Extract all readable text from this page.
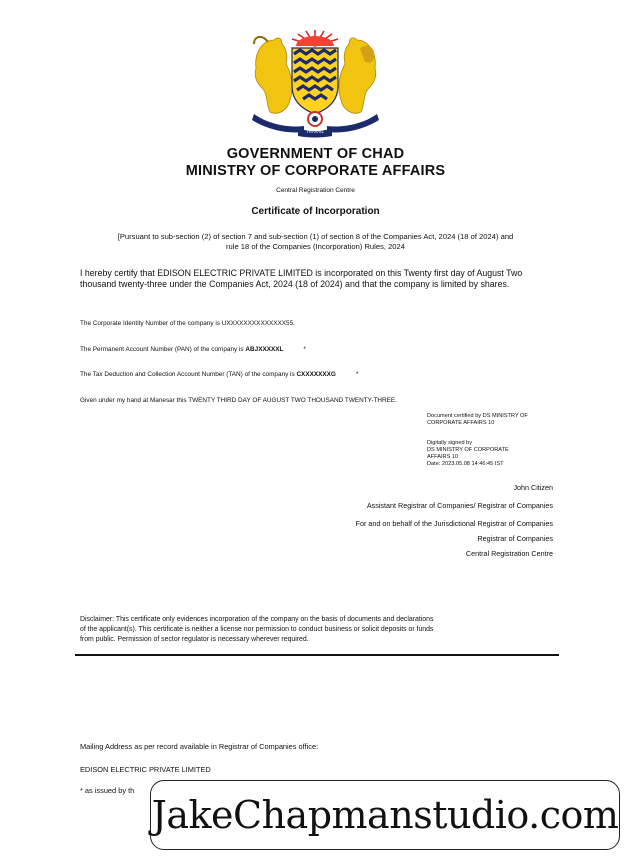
UNITÉ
TRAVAIL
PROGRÈS
GOVERNMENT OF CHAD
MINISTRY OF CORPORATE AFFAIRS
Central Registration Centre
Certificate of Incorporation
[Pursuant to sub-section (2) of section 7 and sub-section (1) of section 8 of the Companies Act, 2024 (18 of 2024) and
rule 18 of the Companies (Incorporation) Rules, 2024
I hereby certify that EDISON ELECTRIC PRIVATE LIMITED is incorporated on this Twenty first day of August Two thousand twenty-three under the Companies Act, 2024 (18 of 2024) and that the company is limited by shares.
The Corporate Identity Number of the company is UXXXXXXXXXXXXXX55.
The Permanent Account Number (PAN) of the company is ABJXXXXXL	*
The Tax Deduction and Collection Account Number (TAN) of the company is CXXXXXXXG	*
Given under my hand at Manesar this TWENTY THIRD DAY OF AUGUST TWO THOUSAND TWENTY-THREE.
Document certified by DS MINISTRY OF
CORPORATE AFFAIRS 10
Digitally signed by
DS MINISTRY OF CORPORATE
AFFAIRS 10
Date: 2023.05.08 14:46:45 IST
John Citizen
Assistant Registrar of Companies/ Registrar of Companies
For and on behalf of the Jurisdictional Registrar of Companies
Registrar of Companies
Central Registration Centre
Disclaimer: This certificate only evidences incorporation of the company on the basis of documents and declarations
of the applicant(s). This certificate is neither a license nor permission to conduct business or solicit deposits or funds
from public. Permission of sector regulator is necessary wherever required.
Mailing Address as per record available in Registrar of Companies office:
EDISON ELECTRIC PRIVATE LIMITED
* as issued by th
JakeChapmanstudio.com
